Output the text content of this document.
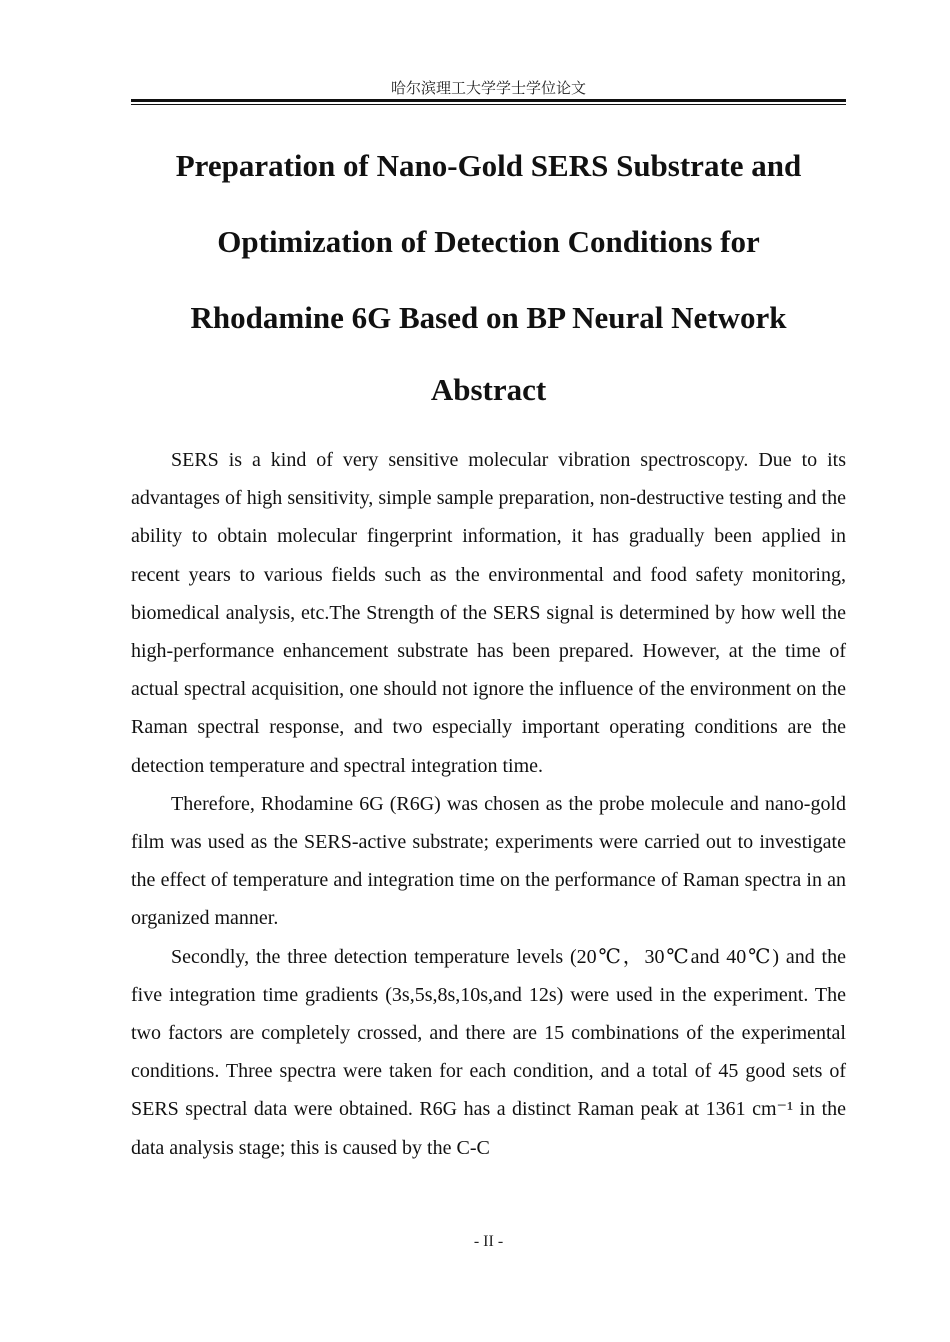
哈尔滨理工大学学士学位论文
Preparation of Nano-Gold SERS Substrate and
Optimization of Detection Conditions for
Rhodamine 6G Based on BP Neural Network
Abstract

SERS is a kind of very sensitive molecular vibration spectroscopy. Due to its advantages of high sensitivity, simple sample preparation, non-destructive testing and the ability to obtain molecular fingerprint information, it has gradually been applied in recent years to various fields such as the environmental and food safety monitoring, biomedical analysis, etc.The Strength of the SERS signal is determined by how well the high-performance enhancement substrate has been prepared. However, at the time of actual spectral acquisition, one should not ignore the influence of the environment on the Raman spectral response, and two especially important operating conditions are the detection temperature and spectral integration time.

Therefore, Rhodamine 6G (R6G) was chosen as the probe molecule and nano-gold film was used as the SERS-active substrate; experiments were carried out to investigate the effect of temperature and integration time on the performance of Raman spectra in an organized manner.

Secondly, the three detection temperature levels (20℃，30℃and 40℃) and the five integration time gradients (3s,5s,8s,10s,and 12s) were used in the experiment. The two factors are completely crossed, and there are 15 combinations of the experimental conditions. Three spectra were taken for each condition, and a total of 45 good sets of SERS spectral data were obtained. R6G has a distinct Raman peak at 1361 cm⁻¹ in the data analysis stage; this is caused by the C-C

- II -
